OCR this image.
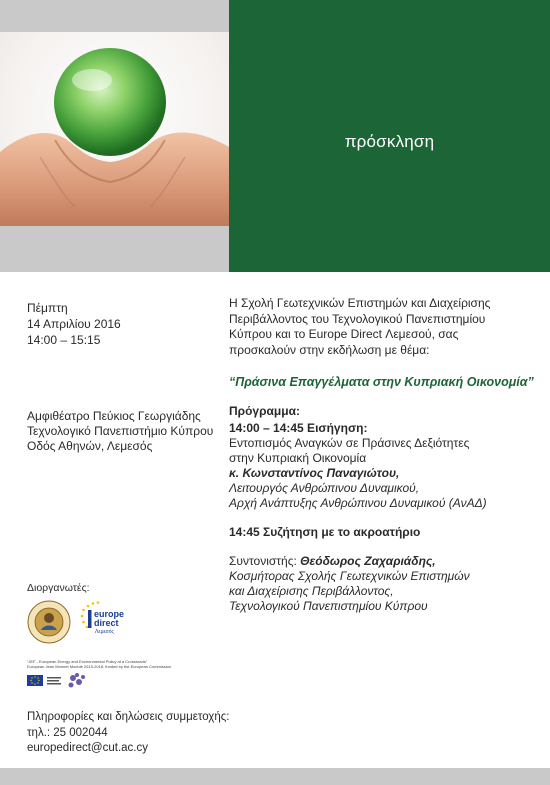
πρόσκληση
Πέμπτη
14 Απριλίου 2016
14:00 – 15:15
Αμφιθέατρο Πεύκιος Γεωργιάδης
Τεχνολογικό Πανεπιστήμιο Κύπρου
Οδός Αθηνών, Λεμεσός
Η Σχολή Γεωτεχνικών Επιστημών και Διαχείρισης
Περιβάλλοντος του Τεχνολογικού Πανεπιστημίου
Κύπρου και το Europe Direct Λεμεσού, σας
προσκαλούν στην εκδήλωση με θέμα:
“Πράσινα Επαγγέλματα στην Κυπριακή Οικονομία”
Πρόγραμμα:
14:00 – 14:45 Εισήγηση:
Εντοπισμός Αναγκών σε Πράσινες Δεξιότητες
στην Κυπριακή Οικονομία
κ. Κωνσταντίνος Παναγιώτου,
Λειτουργός Ανθρώπινου Δυναμικού,
Αρχή Ανάπτυξης Ανθρώπινου Δυναμικού (ΑνΑΔ)
14:45 Συζήτηση με το ακροατήριο
Συντονιστής: Θεόδωρος Ζαχαριάδης,
Κοσμήτορας Σχολής Γεωτεχνικών Επιστημών
και Διαχείρισης Περιβάλλοντος,
Τεχνολογικού Πανεπιστημίου Κύπρου
Διοργανωτές:
europe
direct
Λεμεσός
“JEF - European Energy and Environmental Policy at a Crossroads”
European Jean Monnet Module 2015-2018, funded by the European Commission
Πληροφορίες και δηλώσεις συμμετοχής:
τηλ.: 25 002044
europedirect@cut.ac.cy
